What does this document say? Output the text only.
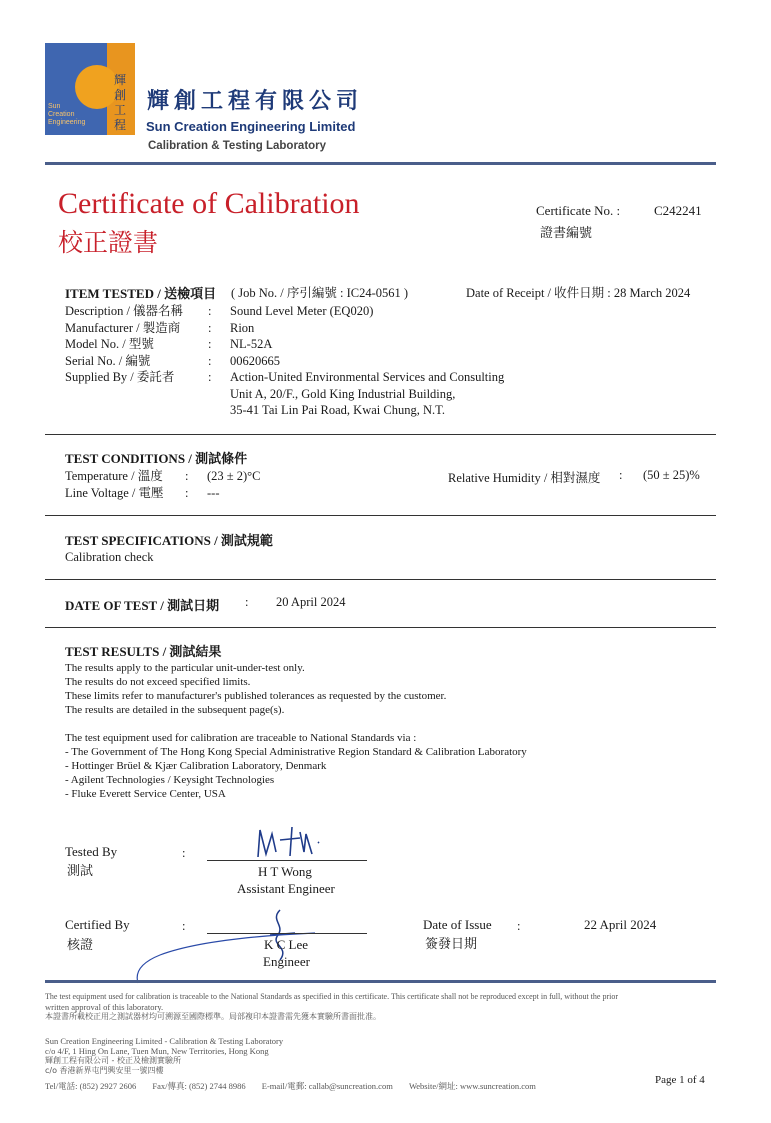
Sun
Creation
Engineering
輝創工程
輝創工程有限公司
Sun Creation Engineering Limited
Calibration & Testing Laboratory
Certificate of Calibration
校正證書
Certificate No. :	C242241
證書編號
ITEM TESTED / 送檢項目 ( Job No. / 序引編號 : IC24-0561 )	Date of Receipt / 收件日期 : 28 March 2024
Description / 儀器名稱	:	Sound Level Meter (EQ020)
Manufacturer / 製造商	:	Rion
Model No. / 型號	:	NL-52A
Serial No. / 編號	:	00620665
Supplied By / 委託者	:	Action-United Environmental Services and Consulting
Unit A, 20/F., Gold King Industrial Building,
35-41 Tai Lin Pai Road, Kwai Chung, N.T.
TEST CONDITIONS / 測試條件
Temperature / 溫度	:	(23 ± 2)°C
Line Voltage / 電壓	:	---
Relative Humidity / 相對濕度 : (50 ± 25)%
TEST SPECIFICATIONS / 測試規範
Calibration check
DATE OF TEST / 測試日期 : 20 April 2024
TEST RESULTS / 測試結果
The results apply to the particular unit-under-test only.
The results do not exceed specified limits.
These limits refer to manufacturer's published tolerances as requested by the customer.
The results are detailed in the subsequent page(s).
The test equipment used for calibration are traceable to National Standards via :
- The Government of The Hong Kong Special Administrative Region Standard & Calibration Laboratory
- Hottinger Brüel & Kjær Calibration Laboratory, Denmark
- Agilent Technologies / Keysight Technologies
- Fluke Everett Service Center, USA
Tested By
測試
:
H T Wong
Assistant Engineer
Certified By
核證
:
K C Lee
Engineer
Date of Issue
簽發日期
:	22 April 2024
The test equipment used for calibration is traceable to the National Standards as specified in this certificate. This certificate shall not be reproduced except in full, without the prior
written approval of this laboratory.
本證書所載校正用之測試器材均可溯源至國際標準。局部複印本證書需先獲本實驗所書面批准。
Sun Creation Engineering Limited - Calibration & Testing Laboratory
c/o 4/F, 1 Hing On Lane, Tuen Mun, New Territories, Hong Kong
輝創工程有限公司 - 校正及檢測實驗所
c/o 香港新界屯門興安里一號四樓
Tel/電話: (852) 2927 2606 Fax/傳真: (852) 2744 8986 E-mail/電郵: callab@suncreation.com Website/網址: www.suncreation.com	Page 1 of 4
